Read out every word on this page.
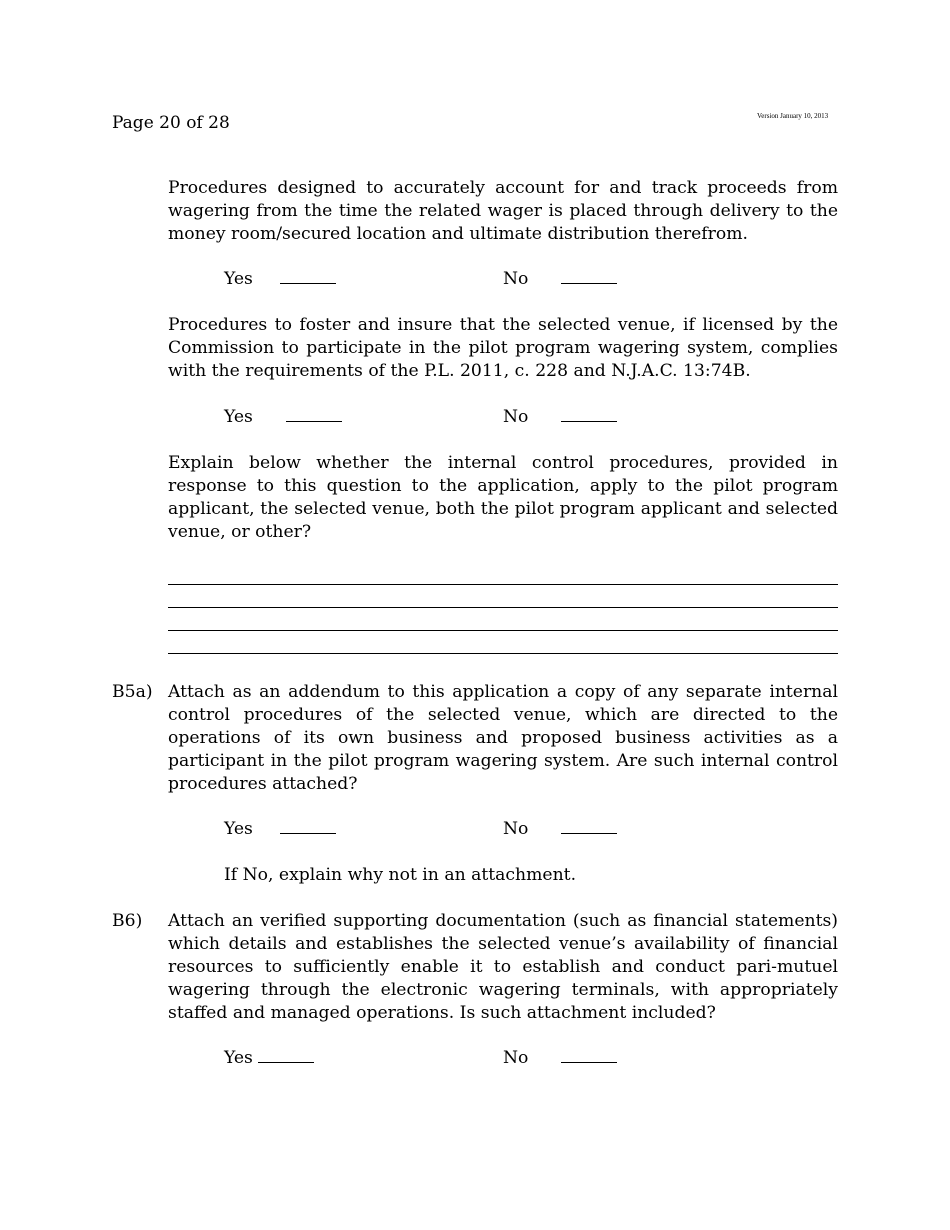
Page 20 of 28	Version January 10, 2013
Procedures designed to accurately account for and track proceeds from wagering from the time the related wager is placed through delivery to the money room/secured location and ultimate distribution therefrom.
Yes	No
Procedures to foster and insure that the selected venue, if licensed by the Commission to participate in the pilot program wagering system, complies with the requirements of the P.L. 2011, c. 228 and N.J.A.C. 13:74B.
Yes	No
Explain below whether the internal control procedures, provided in response to this question to the application, apply to the pilot program applicant, the selected venue, both the pilot program applicant and selected venue, or other?
B5a) Attach as an addendum to this application a copy of any separate internal control procedures of the selected venue, which are directed to the operations of its own business and proposed business activities as a participant in the pilot program wagering system. Are such internal control procedures attached?
Yes	No
If No, explain why not in an attachment.
B6) Attach an verified supporting documentation (such as financial statements) which details and establishes the selected venue’s availability of financial resources to sufficiently enable it to establish and conduct pari-mutuel wagering through the electronic wagering terminals, with appropriately staffed and managed operations. Is such attachment included?
Yes	No
